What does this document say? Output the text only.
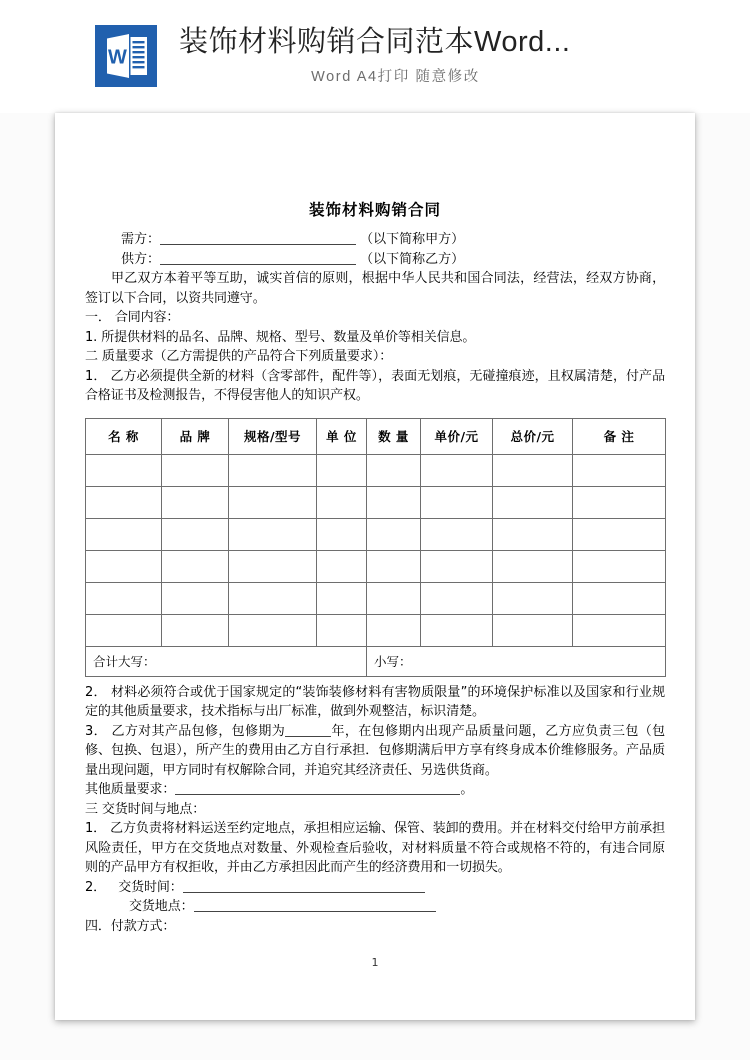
W 装饰材料购销合同范本Word...
Word A4打印 随意修改
装饰材料购销合同
需方：	（以下简称甲方）
供方：	（以下简称乙方）
甲乙双方本着平等互助，诚实首信的原则，根据中华人民共和国合同法，经营法，经双方协商，签订以下合同，以资共同遵守。
一． 合同内容：
1. 所提供材料的品名、品牌、规格、型号、数量及单价等相关信息。
二 质量要求（乙方需提供的产品符合下列质量要求）：
1． 乙方必须提供全新的材料（含零部件，配件等），表面无划痕，无碰撞痕迹，且权属清楚，付产品合格证书及检测报告，不得侵害他人的知识产权。
名 称	品 牌	规格/型号	单 位	数 量	单价/元	总价/元	备 注

合计大写：				小写：			
2． 材料必须符合或优于国家规定的“装饰装修材料有害物质限量”的环境保护标准以及国家和行业规定的其他质量要求，技术指标与出厂标准，做到外观整洁，标识清楚。
3． 乙方对其产品包修，包修期为	年，在包修期内出现产品质量问题，乙方应负责三包（包修、包换、包退），所产生的费用由乙方自行承担．包修期满后甲方享有终身成本价维修服务。产品质量出现问题，甲方同时有权解除合同，并追究其经济责任、另选供货商。
其他质量要求：	。
三 交货时间与地点：
1． 乙方负责将材料运送至约定地点，承担相应运输、保管、装卸的费用。并在材料交付给甲方前承担风险责任，甲方在交货地点对数量、外观检查后验收，对材料质量不符合或规格不符的，有违合同原则的产品甲方有权拒收，并由乙方承担因此而产生的经济费用和一切损失。
2． 交货时间：
交货地点：
四．付款方式：
1
